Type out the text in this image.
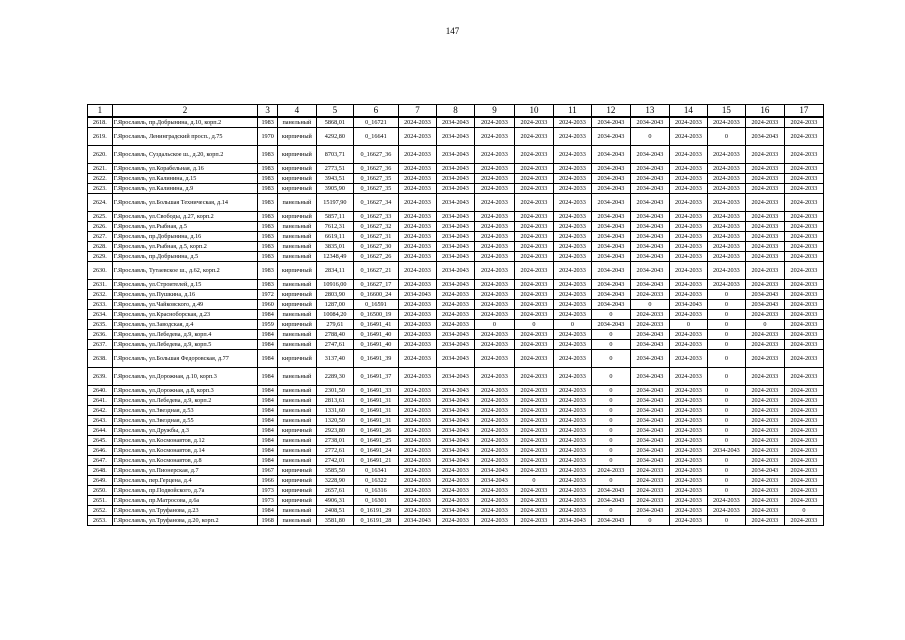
147
1	2	3	4	5	6	7	8	9	10	11	12	13	14	15	16	17
2618.	Г.Ярославль, пр.Добрынина, д.10, корп.2	1983	панельный	5868,01	0_16721	2024-2033	2034-2043	2024-2033	2024-2033	2024-2033	2034-2043	2034-2043	2024-2033	2024-2033	2024-2033	2024-2033
2619.	Г.Ярославль, Ленинградский просп., д.75	1970	кирпичный	4292,80	0_16641	2024-2033	2034-2043	2024-2033	2024-2033	2024-2033	2034-2043	0	2024-2033	0	2034-2043	2024-2033
2620.	Г.Ярославль, Суздальское ш., д.20, корп.2	1983	кирпичный	8703,71	0_16627_36	2024-2033	2034-2043	2024-2033	2024-2033	2024-2033	2034-2043	2034-2043	2024-2033	2024-2033	2024-2033	2024-2033
2621.	Г.Ярославль, ул.Корабельная, д.16	1983	кирпичный	2773,51	0_16627_36	2024-2033	2034-2043	2024-2033	2024-2033	2024-2033	2034-2043	2034-2043	2024-2033	2024-2033	2024-2033	2024-2033
2622.	Г.Ярославль, ул.Калинина, д.15	1983	кирпичный	3943,51	0_16627_35	2024-2033	2034-2043	2024-2033	2024-2033	2024-2033	2034-2043	2034-2043	2024-2033	2024-2033	2024-2033	2024-2033
2623.	Г.Ярославль, ул.Калинина, д.9	1983	кирпичный	3905,90	0_16627_35	2024-2033	2034-2043	2024-2033	2024-2033	2024-2033	2034-2043	2034-2043	2024-2033	2024-2033	2024-2033	2024-2033
2624.	Г.Ярославль, ул.Большая Техническая, д.14	1983	панельный	15197,90	0_16627_34	2024-2033	2034-2043	2024-2033	2024-2033	2024-2033	2034-2043	2034-2043	2024-2033	2024-2033	2024-2033	2024-2033
2625.	Г.Ярославль, ул.Свободы, д.27, корп.2	1983	кирпичный	5857,11	0_16627_33	2024-2033	2034-2043	2024-2033	2024-2033	2024-2033	2034-2043	2034-2043	2024-2033	2024-2033	2024-2033	2024-2033
2626.	Г.Ярославль, ул.Рыбная, д.5	1983	панельный	7612,31	0_16627_32	2024-2033	2034-2043	2024-2033	2024-2033	2024-2033	2034-2043	2034-2043	2024-2033	2024-2033	2024-2033	2024-2033
2627.	Г.Ярославль, пр.Добрынина, д.16	1983	панельный	6619,11	0_16627_31	2024-2033	2034-2043	2024-2033	2024-2033	2024-2033	2034-2043	2034-2043	2024-2033	2024-2033	2024-2033	2024-2033
2628.	Г.Ярославль, ул.Рыбная, д.5, корп.2	1983	панельный	3835,01	0_16627_30	2024-2033	2034-2043	2024-2033	2024-2033	2024-2033	2034-2043	2034-2043	2024-2033	2024-2033	2024-2033	2024-2033
2629.	Г.Ярославль, пр.Добрынина, д.5	1983	панельный	12348,49	0_16627_26	2024-2033	2034-2043	2024-2033	2024-2033	2024-2033	2034-2043	2034-2043	2024-2033	2024-2033	2024-2033	2024-2033
2630.	Г.Ярославль, Тутаевское ш., д.62, корп.2	1983	кирпичный	2834,11	0_16627_21	2024-2033	2034-2043	2024-2033	2024-2033	2024-2033	2034-2043	2034-2043	2024-2033	2024-2033	2024-2033	2024-2033
2631.	Г.Ярославль, ул.Строителей, д.15	1983	панельный	10916,00	0_16627_17	2024-2033	2034-2043	2024-2033	2024-2033	2024-2033	2034-2043	2034-2043	2024-2033	2024-2033	2024-2033	2024-2033
2632.	Г.Ярославль, ул.Пушкина, д.16	1972	кирпичный	2803,90	0_16600_24	2034-2043	2024-2033	2024-2033	2024-2033	2024-2033	2034-2043	2024-2033	2024-2033	0	2034-2043	2024-2033
2633.	Г.Ярославль, ул.Чайковского, д.49	1960	кирпичный	1287,00	0_16591	2024-2033	2024-2033	2024-2033	2024-2033	2024-2033	2034-2043	0	2034-2043	0	2034-2043	2024-2033
2634.	Г.Ярославль, ул.Красноборская, д.23	1984	панельный	10084,20	0_16500_19	2024-2033	2024-2033	2024-2033	2024-2033	2024-2033	0	2024-2033	2024-2033	0	2024-2033	2024-2033
2635.	Г.Ярославль, ул.Заводская, д.4	1959	кирпичный	279,61	0_16491_41	2024-2033	2024-2033	0	0	0	2034-2043	2024-2033	0	0	0	2024-2033
2636.	Г.Ярославль, ул.Лебедева, д.9, корп.4	1984	панельный	2788,40	0_16491_40	2024-2033	2034-2043	2024-2033	2024-2033	2024-2033	0	2034-2043	2024-2033	0	2024-2033	2024-2033
2637.	Г.Ярославль, ул.Лебедева, д.9, корп.5	1984	панельный	2747,61	0_16491_40	2024-2033	2034-2043	2024-2033	2024-2033	2024-2033	0	2034-2043	2024-2033	0	2024-2033	2024-2033
2638.	Г.Ярославль, ул.Большая Федоровская, д.77	1984	кирпичный	3137,40	0_16491_39	2024-2033	2034-2043	2024-2033	2024-2033	2024-2033	0	2034-2043	2024-2033	0	2024-2033	2024-2033
2639.	Г.Ярославль, ул.Дорожная, д.10, корп.3	1984	панельный	2289,30	0_16491_37	2024-2033	2034-2043	2024-2033	2024-2033	2024-2033	0	2034-2043	2024-2033	0	2024-2033	2024-2033
2640.	Г.Ярославль, ул.Дорожная, д.8, корп.3	1984	панельный	2301,50	0_16491_33	2024-2033	2034-2043	2024-2033	2024-2033	2024-2033	0	2034-2043	2024-2033	0	2024-2033	2024-2033
2641.	Г.Ярославль, ул.Лебедева, д.9, корп.2	1984	панельный	2813,61	0_16491_31	2024-2033	2034-2043	2024-2033	2024-2033	2024-2033	0	2034-2043	2024-2033	0	2024-2033	2024-2033
2642.	Г.Ярославль, ул.Звездная, д.53	1984	панельный	1331,60	0_16491_31	2024-2033	2034-2043	2024-2033	2024-2033	2024-2033	0	2034-2043	2024-2033	0	2024-2033	2024-2033
2643.	Г.Ярославль, ул.Звездная, д.55	1984	панельный	1320,50	0_16491_31	2024-2033	2034-2043	2024-2033	2024-2033	2024-2033	0	2034-2043	2024-2033	0	2024-2033	2024-2033
2644.	Г.Ярославль, ул.Дружбы, д.3	1984	кирпичный	2923,80	0_16491_26	2024-2033	2034-2043	2024-2033	2024-2033	2024-2033	0	2034-2043	2024-2033	0	2024-2033	2024-2033
2645.	Г.Ярославль, ул.Космонавтов, д.12	1984	панельный	2738,01	0_16491_25	2024-2033	2034-2043	2024-2033	2024-2033	2024-2033	0	2034-2043	2024-2033	0	2024-2033	2024-2033
2646.	Г.Ярославль, ул.Космонавтов, д.14	1984	панельный	2772,61	0_16491_24	2024-2033	2034-2043	2024-2033	2024-2033	2024-2033	0	2034-2043	2024-2033	2034-2043	2024-2033	2024-2033
2647.	Г.Ярославль, ул.Космонавтов, д.8	1984	панельный	2742,01	0_16491_21	2024-2033	2034-2043	2024-2033	2024-2033	2024-2033	0	2034-2043	2024-2033	0	2024-2033	2024-2033
2648.	Г.Ярославль, ул.Пионерская, д.7	1967	кирпичный	3585,50	0_16341	2024-2033	2024-2033	2034-2043	2024-2033	2024-2033	2024-2033	2024-2033	2024-2033	0	2034-2043	2024-2033
2649.	Г.Ярославль, пер.Герцена, д.4	1966	кирпичный	3228,90	0_16322	2024-2033	2024-2033	2034-2043	0	2024-2033	0	2024-2033	2024-2033	0	2024-2033	2024-2033
2650.	Г.Ярославль, пр.Подвойского, д.7а	1973	кирпичный	2657,61	0_16316	2024-2033	2024-2033	2024-2033	2024-2033	2024-2033	2034-2043	2024-2033	2024-2033	0	2024-2033	2024-2033
2651.	Г.Ярославль, пр.Матросова, д.6а	1973	кирпичный	4906,31	0_16301	2024-2033	2024-2033	2024-2033	2024-2033	2024-2033	2034-2043	2024-2033	2024-2033	2024-2033	2024-2033	2024-2033
2652.	Г.Ярославль, ул.Труфанова, д.23	1984	панельный	2408,51	0_16191_29	2024-2033	2034-2043	2024-2033	2024-2033	2024-2033	0	2034-2043	2024-2033	2024-2033	2024-2033	0
2653.	Г.Ярославль, ул.Труфанова, д.20, корп.2	1968	панельный	3581,80	0_16191_28	2034-2043	2024-2033	2024-2033	2024-2033	2034-2043	2034-2043	0	2024-2033	0	2024-2033	2024-2033
